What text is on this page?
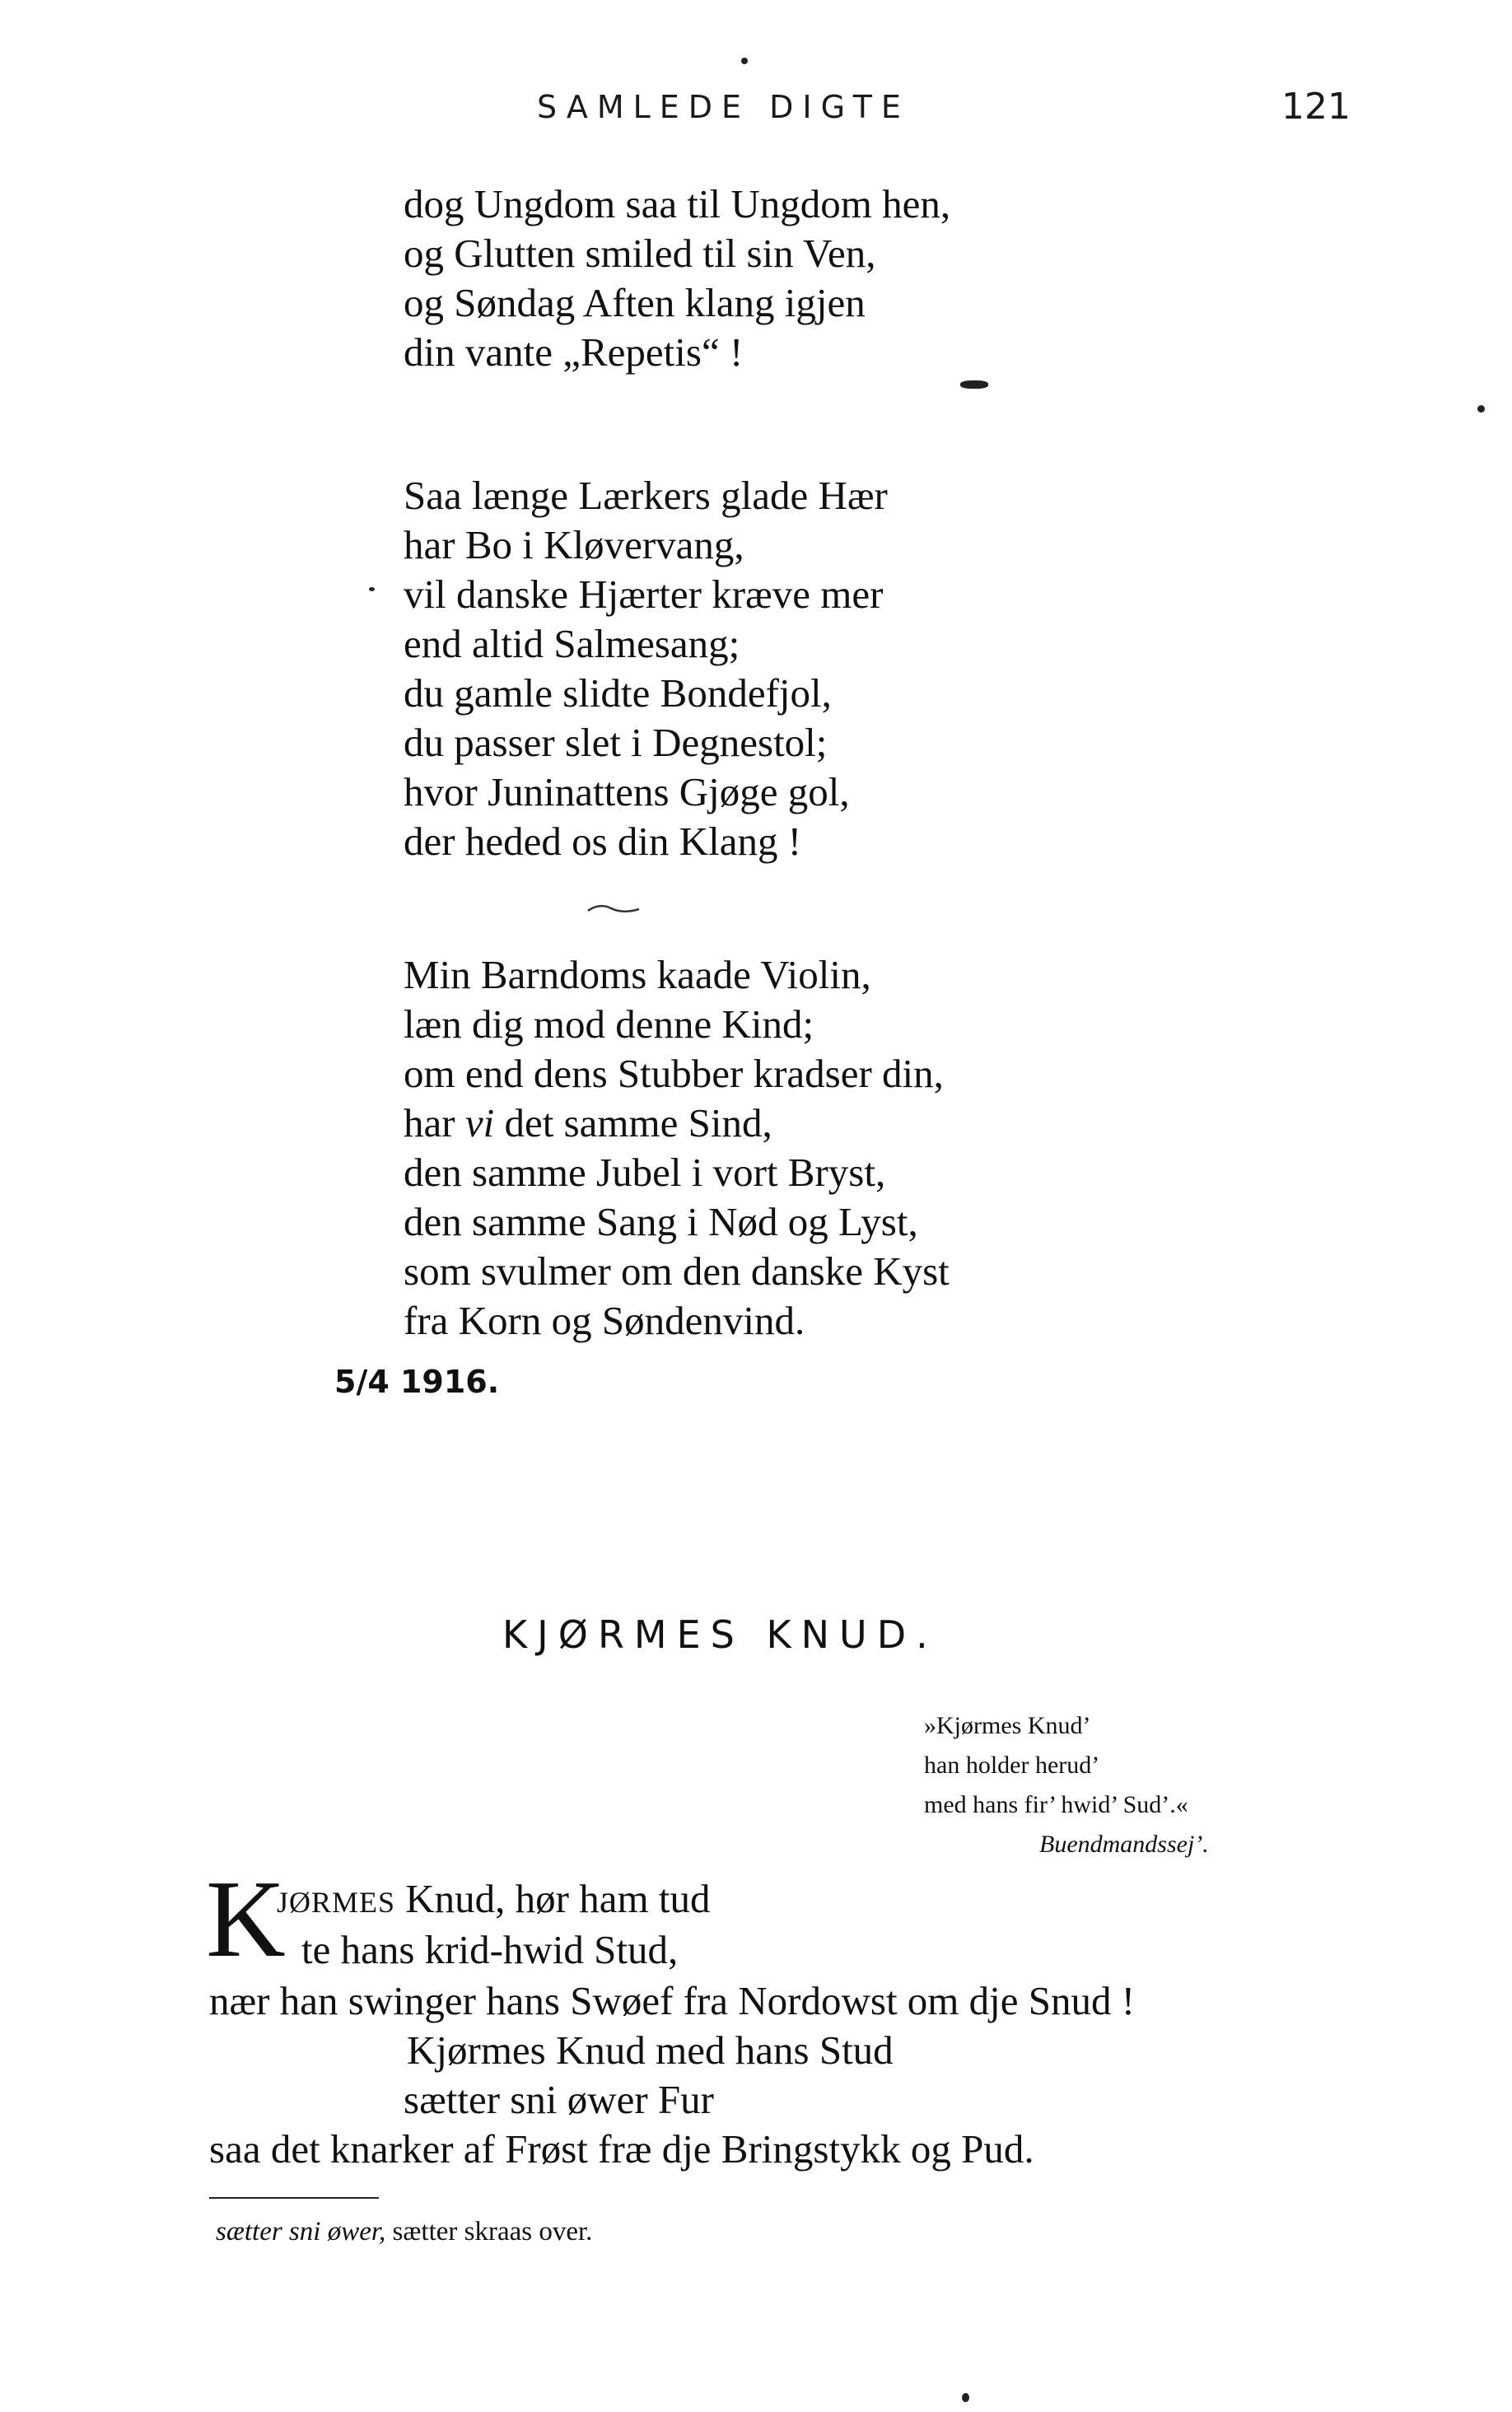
SAMLEDE DIGTE	121
dog Ungdom saa til Ungdom hen,
og Glutten smiled til sin Ven,
og Søndag Aften klang igjen
din vante „Repetis“ !
Saa længe Lærkers glade Hær
har Bo i Kløvervang,
vil danske Hjærter kræve mer
end altid Salmesang;
du gamle slidte Bondefjol,
du passer slet i Degnestol;
hvor Juninattens Gjøge gol,
der heded os din Klang !
Min Barndoms kaade Violin,
læn dig mod denne Kind;
om end dens Stubber kradser din,
har vi det samme Sind,
den samme Jubel i vort Bryst,
den samme Sang i Nød og Lyst,
som svulmer om den danske Kyst
fra Korn og Søndenvind.
5/4 1916.
KJØRMES KNUD.
»Kjørmes Knud’
han holder herud’
med hans fir’ hwid’ Sud’.«
Buendmandssej’.
K
JØRMES Knud, hør ham tud
te hans krid-hwid Stud,
nær han swinger hans Swøef fra Nordowst om dje Snud !
Kjørmes Knud med hans Stud
sætter sni øwer Fur
saa det knarker af Frøst fræ dje Bringstykk og Pud.
sætter sni øwer, sætter skraas over.
